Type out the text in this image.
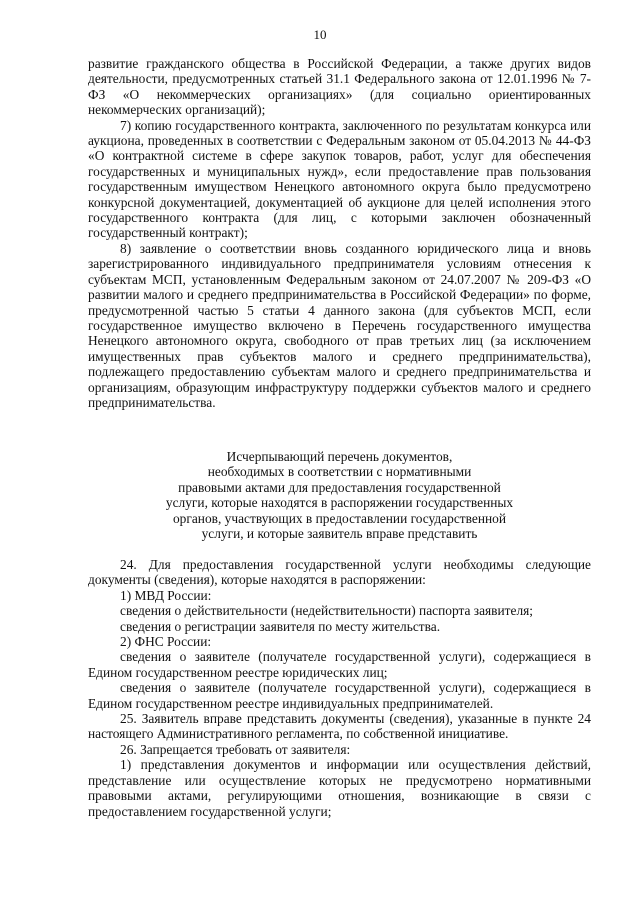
10

развитие гражданского общества в Российской Федерации, а также других видов деятельности, предусмотренных статьей 31.1 Федерального закона от 12.01.1996 № 7-ФЗ «О некоммерческих организациях» (для социально ориентированных некоммерческих организаций);

7) копию государственного контракта, заключенного по результатам конкурса или аукциона, проведенных в соответствии с Федеральным законом от 05.04.2013 № 44-ФЗ «О контрактной системе в сфере закупок товаров, работ, услуг для обеспечения государственных и муниципальных нужд», если предоставление прав пользования государственным имуществом Ненецкого автономного округа было предусмотрено конкурсной документацией, документацией об аукционе для целей исполнения этого государственного контракта (для лиц, с которыми заключен обозначенный государственный контракт);

8) заявление о соответствии вновь созданного юридического лица и вновь зарегистрированного индивидуального предпринимателя условиям отнесения к субъектам МСП, установленным Федеральным законом от 24.07.2007 № 209-ФЗ «О развитии малого и среднего предпринимательства в Российской Федерации» по форме, предусмотренной частью 5 статьи 4 данного закона (для субъектов МСП, если государственное имущество включено в Перечень государственного имущества Ненецкого автономного округа, свободного от прав третьих лиц (за исключением имущественных прав субъектов малого и среднего предпринимательства), подлежащего предоставлению субъектам малого и среднего предпринимательства и организациям, образующим инфраструктуру поддержки субъектов малого и среднего предпринимательства.

Исчерпывающий перечень документов,

необходимых в соответствии с нормативными

правовыми актами для предоставления государственной

услуги, которые находятся в распоряжении государственных

органов, участвующих в предоставлении государственной

услуги, и которые заявитель вправе представить

24. Для предоставления государственной услуги необходимы следующие документы (сведения), которые находятся в распоряжении:

1) МВД России:

сведения о действительности (недействительности) паспорта заявителя;

сведения о регистрации заявителя по месту жительства.

2) ФНС России:

сведения о заявителе (получателе государственной услуги), содержащиеся в Едином государственном реестре юридических лиц;

сведения о заявителе (получателе государственной услуги), содержащиеся в Едином государственном реестре индивидуальных предпринимателей.

25. Заявитель вправе представить документы (сведения), указанные в пункте 24 настоящего Административного регламента, по собственной инициативе.

26. Запрещается требовать от заявителя:

1) представления документов и информации или осуществления действий, представление или осуществление которых не предусмотрено нормативными правовыми актами, регулирующими отношения, возникающие в связи с предоставлением государственной услуги;
